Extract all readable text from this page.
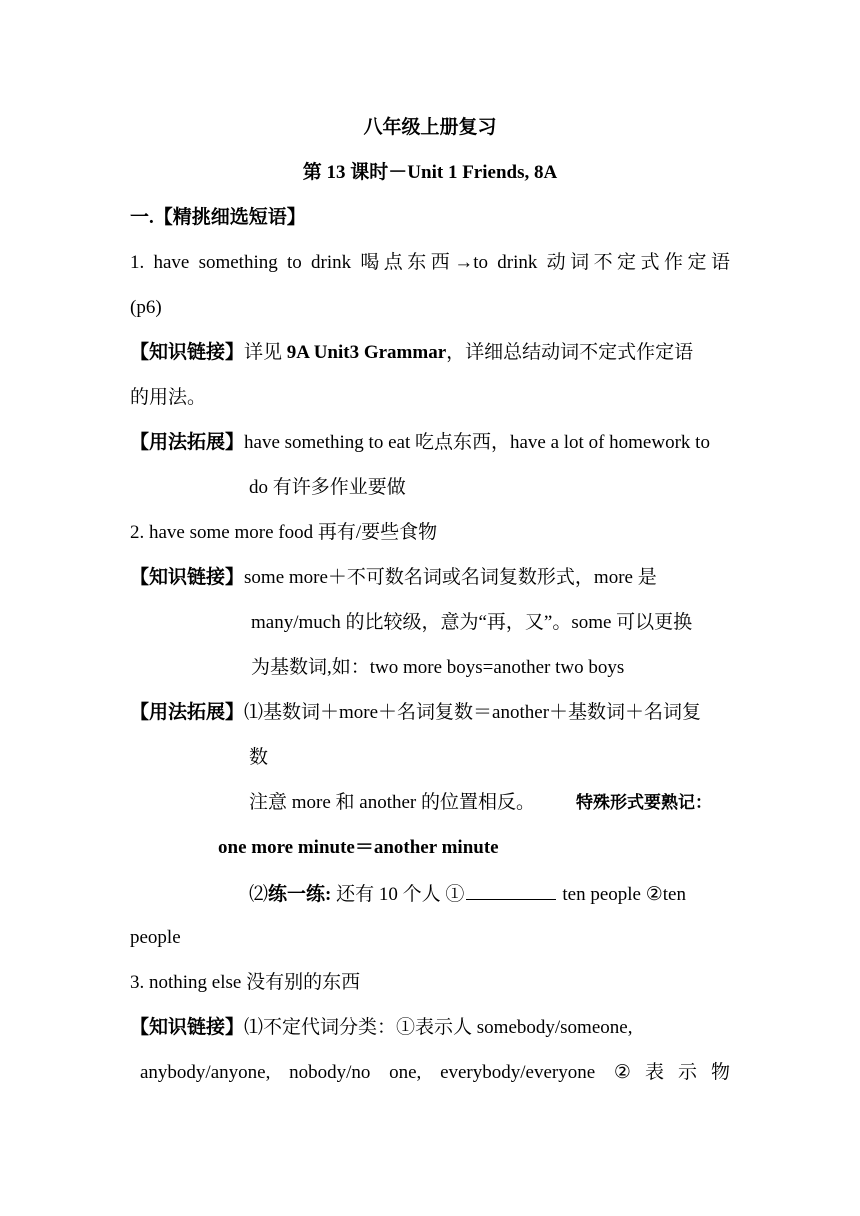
八年级上册复习
第 13 课时－Unit 1 Friends, 8A
一.【精挑细选短语】
1. have something to drink 喝点东西→to drink 动词不定式作定语
(p6)
【知识链接】详见 9A Unit3 Grammar，详细总结动词不定式作定语
的用法。
【用法拓展】have something to eat 吃点东西，have a lot of homework to
do 有许多作业要做
2. have some more food 再有/要些食物
【知识链接】some more＋不可数名词或名词复数形式，more 是
many/much 的比较级，意为“再，又”。some 可以更换
为基数词,如：two more boys=another two boys
【用法拓展】⑴基数词＋more＋名词复数＝another＋基数词＋名词复
数
注意 more 和 another 的位置相反。 特殊形式要熟记：
one more minute＝another minute
⑵练一练: 还有 10 个人 ①	ten people ②ten
people
3. nothing else 没有别的东西
【知识链接】⑴不定代词分类：①表示人 somebody/someone,
anybody/anyone, nobody/no one, everybody/everyone ②表示物
